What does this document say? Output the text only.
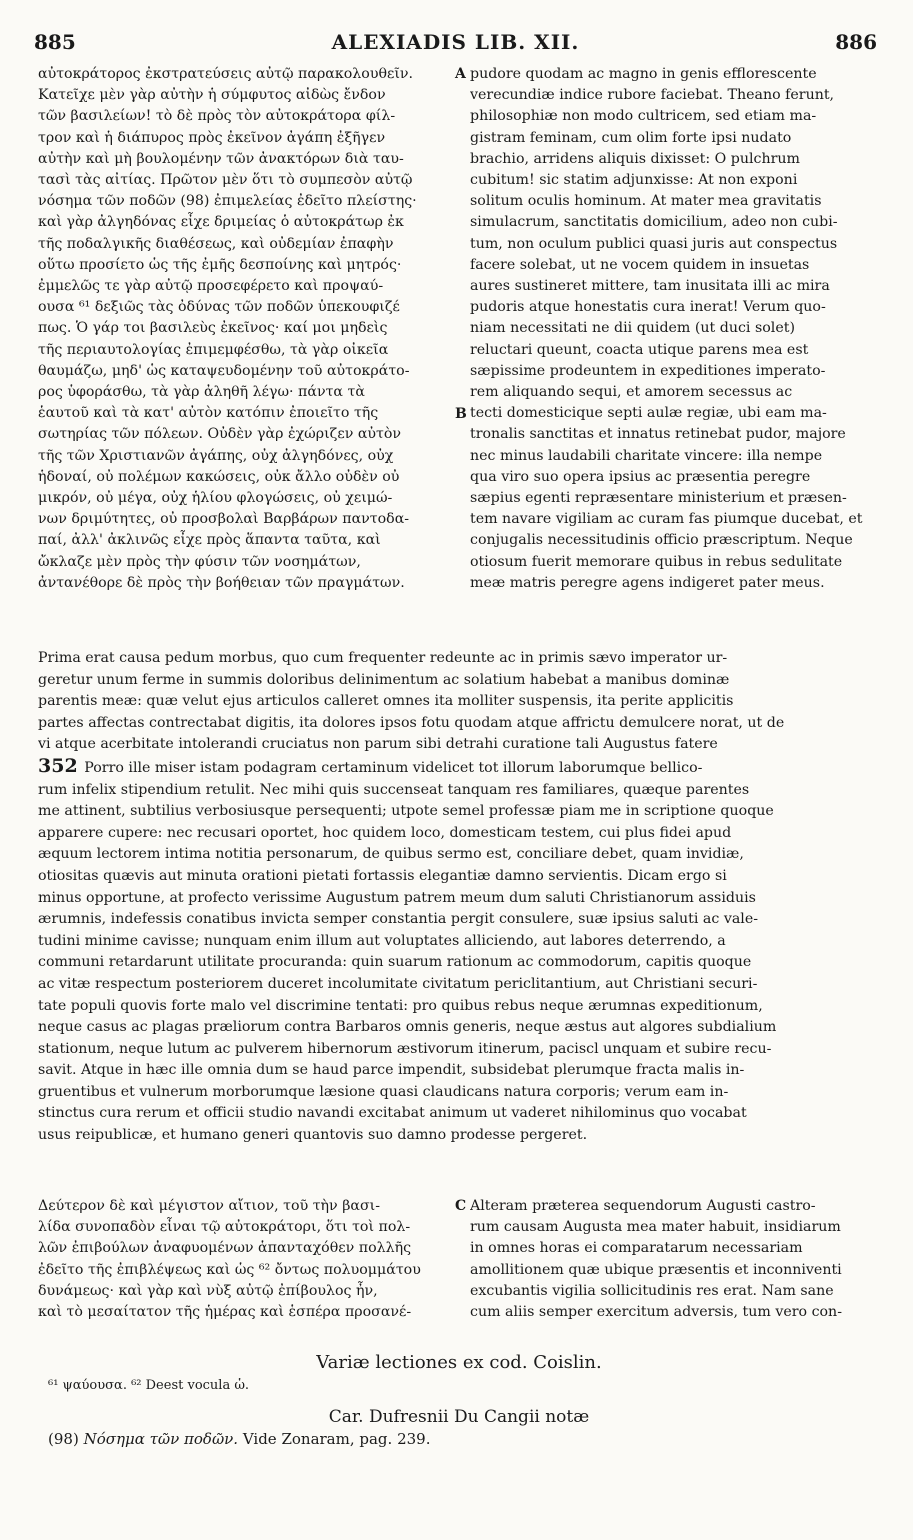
885	ALEXIADIS LIB. XII.	886
αὐτοκράτορος ἐκστρατεύσεις αὐτῷ παρακολουθεῖν.
Κατεῖχε μὲν γὰρ αὐτὴν ἡ σύμφυτος αἰδὼς ἔνδον
τῶν βασιλείων! τὸ δὲ πρὸς τὸν αὐτοκράτορα φίλ-
τρον καὶ ἡ διάπυρος πρὸς ἐκεῖνον ἀγάπη ἐξῆγεν
αὐτὴν καὶ μὴ βουλομένην τῶν ἀνακτόρων διὰ ταυ-
τασὶ τὰς αἰτίας. Πρῶτον μὲν ὅτι τὸ συμπεσὸν αὐτῷ
νόσημα τῶν ποδῶν (98) ἐπιμελείας ἐδεῖτο πλείστης·
καὶ γὰρ ἀλγηδόνας εἶχε δριμείας ὁ αὐτοκράτωρ ἐκ
τῆς ποδαλγικῆς διαθέσεως, καὶ οὐδεμίαν ἐπαφὴν
οὕτω προσίετο ὡς τῆς ἐμῆς δεσποίνης καὶ μητρός·
ἐμμελῶς τε γὰρ αὐτῷ προσεφέρετο καὶ προψαύ-
ουσα ⁶¹ δεξιῶς τὰς ὀδύνας τῶν ποδῶν ὑπεκουφιζέ
πως. Ὁ γάρ τοι βασιλεὺς ἐκεῖνος· καί μοι μηδεὶς
τῆς περιαυτολογίας ἐπιμεμφέσθω, τὰ γὰρ οἰκεῖα
θαυμάζω, μηδ' ὡς καταψευδομένην τοῦ αὐτοκράτο-
ρος ὑφοράσθω, τὰ γὰρ ἀληθῆ λέγω· πάντα τὰ
ἑαυτοῦ καὶ τὰ κατ' αὐτὸν κατόπιν ἐποιεῖτο τῆς
σωτηρίας τῶν πόλεων. Οὐδὲν γὰρ ἐχώριζεν αὐτὸν
τῆς τῶν Χριστιανῶν ἀγάπης, οὐχ ἀλγηδόνες, οὐχ
ἡδοναί, οὐ πολέμων κακώσεις, οὐκ ἄλλο οὐδὲν οὐ
μικρόν, οὐ μέγα, οὐχ ἡλίου φλογώσεις, οὐ χειμώ-
νων δριμύτητες, οὐ προσβολαὶ Βαρβάρων παντοδα-
παί, ἀλλ' ἀκλινῶς εἶχε πρὸς ἅπαντα ταῦτα, καὶ
ὤκλαζε μὲν πρὸς τὴν φύσιν τῶν νοσημάτων,
ἀντανέθορε δὲ πρὸς τὴν βοήθειαν τῶν πραγμάτων.
pudore quodam ac magno in genis efflorescente
verecundiæ indice rubore faciebat. Theano ferunt,
philosophiæ non modo cultricem, sed etiam ma-
gistram feminam, cum olim forte ipsi nudato
brachio, arridens aliquis dixisset: O pulchrum
cubitum! sic statim adjunxisse: At non exponi
solitum oculis hominum. At mater mea gravitatis
simulacrum, sanctitatis domicilium, adeo non cubi-
tum, non oculum publici quasi juris aut conspectus
facere solebat, ut ne vocem quidem in insuetas
aures sustineret mittere, tam inusitata illi ac mira
pudoris atque honestatis cura inerat! Verum quo-
niam necessitati ne dii quidem (ut duci solet)
reluctari queunt, coacta utique parens mea est
sæpissime prodeuntem in expeditiones imperato-
rem aliquando sequi, et amorem secessus ac
tecti domesticique septi aulæ regiæ, ubi eam ma-
tronalis sanctitas et innatus retinebat pudor, majore
nec minus laudabili charitate vincere: illa nempe
qua viro suo opera ipsius ac præsentia peregre
sæpius egenti repræsentare ministerium et præsen-
tem navare vigiliam ac curam fas piumque ducebat, et
conjugalis necessitudinis officio præscriptum. Neque
otiosum fuerit memorare quibus in rebus sedulitate
meæ matris peregre agens indigeret pater meus.
A
B
C
Prima erat causa pedum morbus, quo cum frequenter redeunte ac in primis sævo imperator ur-
geretur unum ferme in summis doloribus delinimentum ac solatium habebat a manibus dominæ
parentis meæ: quæ velut ejus articulos calleret omnes ita molliter suspensis, ita perite applicitis
partes affectas contrectabat digitis, ita dolores ipsos fotu quodam atque affrictu demulcere norat, ut de
vi atque acerbitate intolerandi cruciatus non parum sibi detrahi curatione tali Augustus fatere
352 Porro ille miser istam podagram certaminum videlicet tot illorum laborumque bellico-
rum infelix stipendium retulit. Nec mihi quis succenseat tanquam res familiares, quæque parentes
me attinent, subtilius verbosiusque persequenti; utpote semel professæ piam me in scriptione quoque
apparere cupere: nec recusari oportet, hoc quidem loco, domesticam testem, cui plus fidei apud
æquum lectorem intima notitia personarum, de quibus sermo est, conciliare debet, quam invidiæ,
otiositas quævis aut minuta orationi pietati fortassis elegantiæ damno servientis. Dicam ergo si
minus opportune, at profecto verissime Augustum patrem meum dum saluti Christianorum assiduis
ærumnis, indefessis conatibus invicta semper constantia pergit consulere, suæ ipsius saluti ac vale-
tudini minime cavisse; nunquam enim illum aut voluptates alliciendo, aut labores deterrendo, a
communi retardarunt utilitate procuranda: quin suarum rationum ac commodorum, capitis quoque
ac vitæ respectum posteriorem duceret incolumitate civitatum periclitantium, aut Christiani securi-
tate populi quovis forte malo vel discrimine tentati: pro quibus rebus neque ærumnas expeditionum,
neque casus ac plagas præliorum contra Barbaros omnis generis, neque æstus aut algores subdialium
stationum, neque lutum ac pulverem hibernorum æstivorum itinerum, paciscl unquam et subire recu-
savit. Atque in hæc ille omnia dum se haud parce impendit, subsidebat plerumque fracta malis in-
gruentibus et vulnerum morborumque læsione quasi claudicans natura corporis; verum eam in-
stinctus cura rerum et officii studio navandi excitabat animum ut vaderet nihilominus quo vocabat
usus reipublicæ, et humano generi quantovis suo damno prodesse pergeret.
Δεύτερον δὲ καὶ μέγιστον αἴτιον, τοῦ τὴν βασι-
λίδα συνοπαδὸν εἶναι τῷ αὐτοκράτορι, ὅτι τοὶ πολ-
λῶν ἐπιβούλων ἀναφυομένων ἁπανταχόθεν πολλῆς
ἐδεῖτο τῆς ἐπιβλέψεως καὶ ὡς ⁶² ὄντως πολυομμάτου
δυνάμεως· καὶ γὰρ καὶ νὺξ αὐτῷ ἐπίβουλος ἦν,
καὶ τὸ μεσαίτατον τῆς ἡμέρας καὶ ἑσπέρα προσανέ-
Alteram præterea sequendorum Augusti castro-
rum causam Augusta mea mater habuit, insidiarum
in omnes horas ei comparatarum necessariam
amollitionem quæ ubique præsentis et inconniventi
excubantis vigilia sollicitudinis res erat. Nam sane
cum aliis semper exercitum adversis, tum vero con-
Variæ lectiones ex cod. Coislin.
⁶¹ ψαύουσα. ⁶² Deest vocula ὡ.
Car. Dufresnii Du Cangii notæ
(98) Νόσημα τῶν ποδῶν. Vide Zonaram, pag. 239.
